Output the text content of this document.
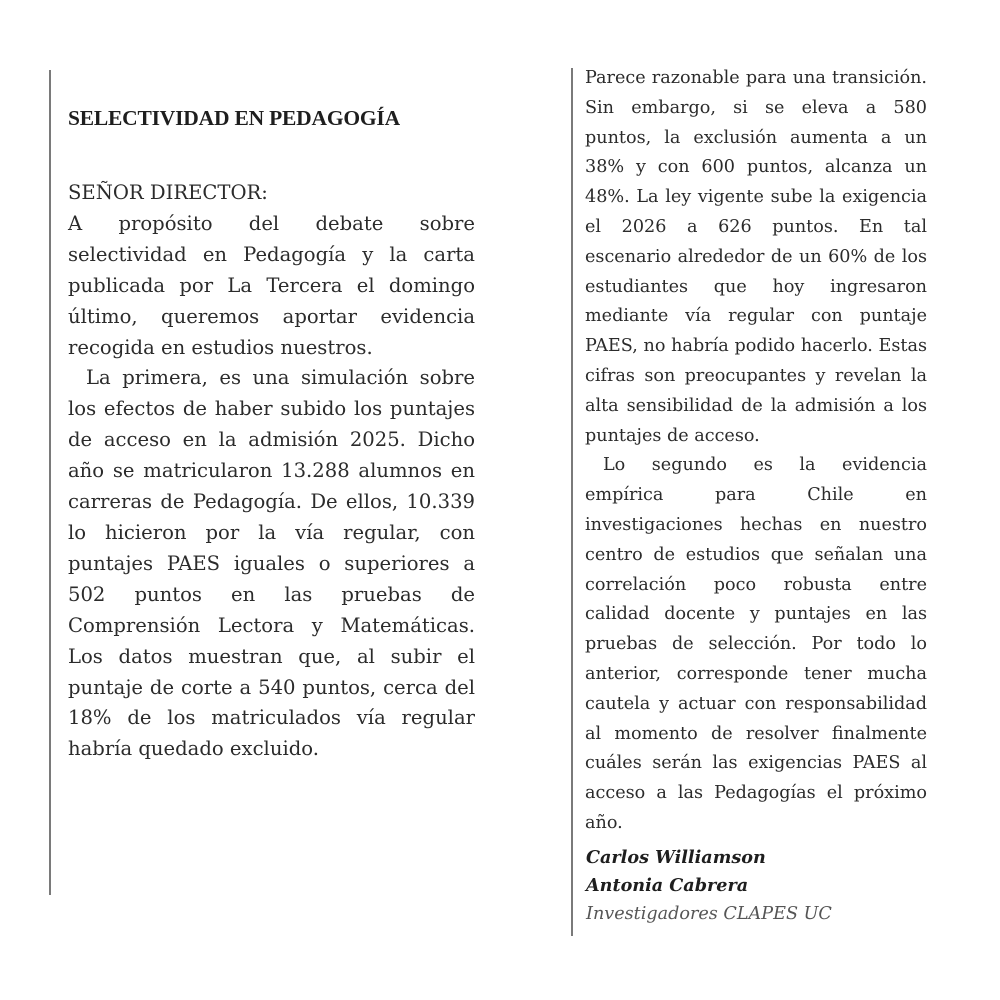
SELECTIVIDAD EN PEDAGOGÍA

SEÑOR DIRECTOR:

A propósito del debate sobre selectividad en Pedagogía y la carta publicada por La Tercera el domingo último, queremos aportar evidencia recogida en estudios nuestros.

La primera, es una simulación sobre los efectos de haber subido los puntajes de acceso en la admisión 2025. Dicho año se matricularon 13.288 alumnos en carreras de Pedagogía. De ellos, 10.339 lo hicieron por la vía regular, con puntajes PAES iguales o superiores a 502 puntos en las pruebas de Comprensión Lectora y Matemáticas. Los datos muestran que, al subir el puntaje de corte a 540 puntos, cerca del 18% de los matriculados vía regular habría quedado excluido.

Parece razonable para una transición. Sin embargo, si se eleva a 580 puntos, la exclusión aumenta a un 38% y con 600 puntos, alcanza un 48%. La ley vigente sube la exigencia el 2026 a 626 puntos. En tal escenario alrededor de un 60% de los estudiantes que hoy ingresaron mediante vía regular con puntaje PAES, no habría podido hacerlo. Estas cifras son preocupantes y revelan la alta sensibilidad de la admisión a los puntajes de acceso.

Lo segundo es la evidencia empírica para Chile en investigaciones hechas en nuestro centro de estudios que señalan una correlación poco robusta entre calidad docente y puntajes en las pruebas de selección. Por todo lo anterior, corresponde tener mucha cautela y actuar con responsabilidad al momento de resolver finalmente cuáles serán las exigencias PAES al acceso a las Pedagogías el próximo año.

Carlos Williamson
Antonia Cabrera
Investigadores CLAPES UC
